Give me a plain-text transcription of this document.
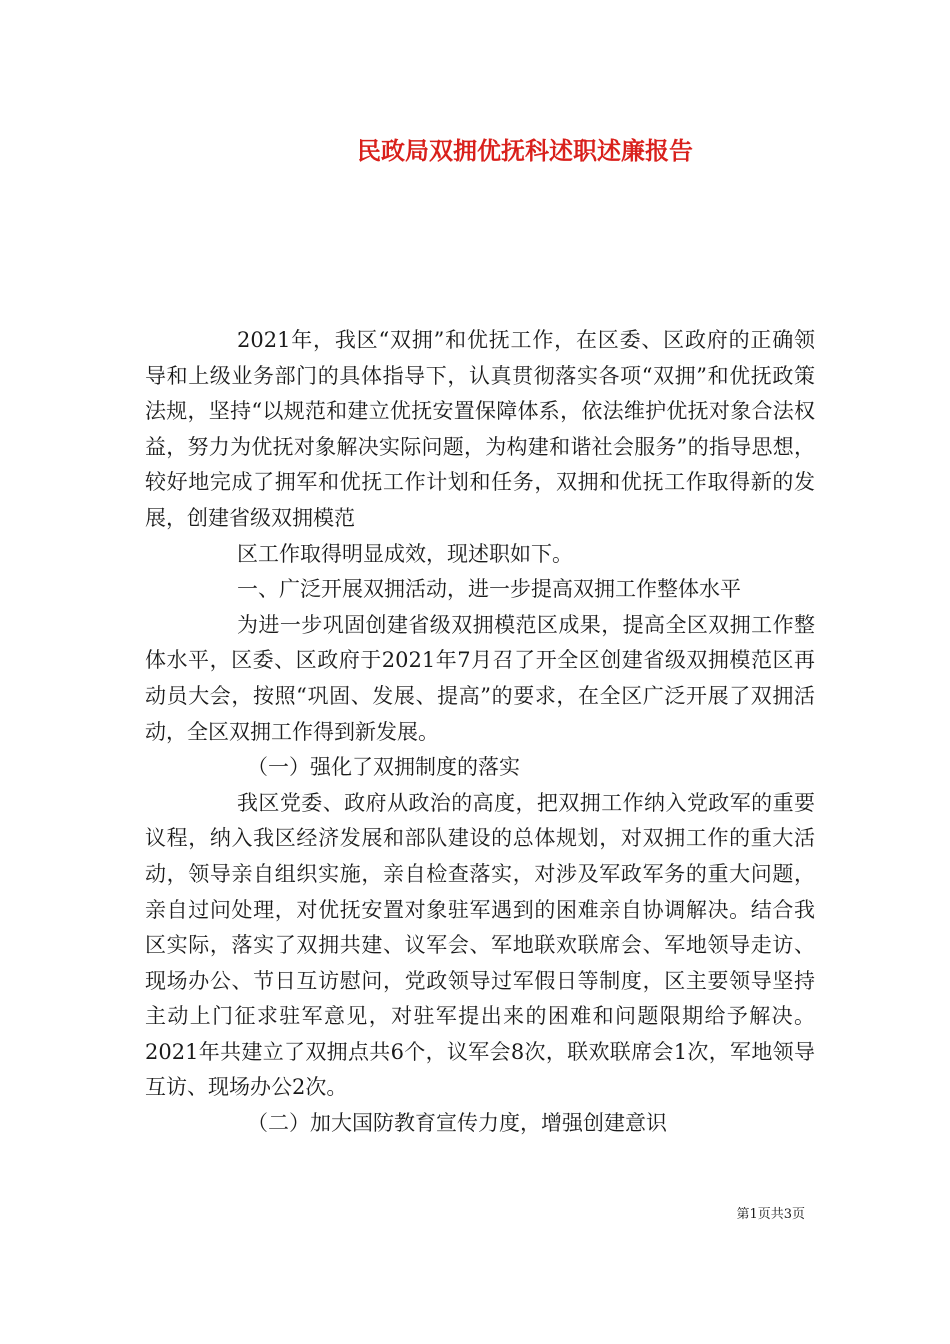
民政局双拥优抚科述职述廉报告

2021年，我区“双拥”和优抚工作，在区委、区政府的正确领导和上级业务部门的具体指导下，认真贯彻落实各项“双拥”和优抚政策法规，坚持“以规范和建立优抚安置保障体系，依法维护优抚对象合法权益，努力为优抚对象解决实际问题，为构建和谐社会服务”的指导思想，较好地完成了拥军和优抚工作计划和任务，双拥和优抚工作取得新的发展，创建省级双拥模范

区工作取得明显成效，现述职如下。

一、广泛开展双拥活动，进一步提高双拥工作整体水平

为进一步巩固创建省级双拥模范区成果，提高全区双拥工作整体水平，区委、区政府于2021年7月召了开全区创建省级双拥模范区再动员大会，按照“巩固、发展、提高”的要求，在全区广泛开展了双拥活动，全区双拥工作得到新发展。

（一）强化了双拥制度的落实

我区党委、政府从政治的高度，把双拥工作纳入党政军的重要议程，纳入我区经济发展和部队建设的总体规划，对双拥工作的重大活动，领导亲自组织实施，亲自检查落实，对涉及军政军务的重大问题，亲自过问处理，对优抚安置对象驻军遇到的困难亲自协调解决。结合我区实际，落实了双拥共建、议军会、军地联欢联席会、军地领导走访、现场办公、节日互访慰问，党政领导过军假日等制度，区主要领导坚持主动上门征求驻军意见，对驻军提出来的困难和问题限期给予解决。2021年共建立了双拥点共6个，议军会8次，联欢联席会1次，军地领导互访、现场办公2次。

（二）加大国防教育宣传力度，增强创建意识

第1页共3页
